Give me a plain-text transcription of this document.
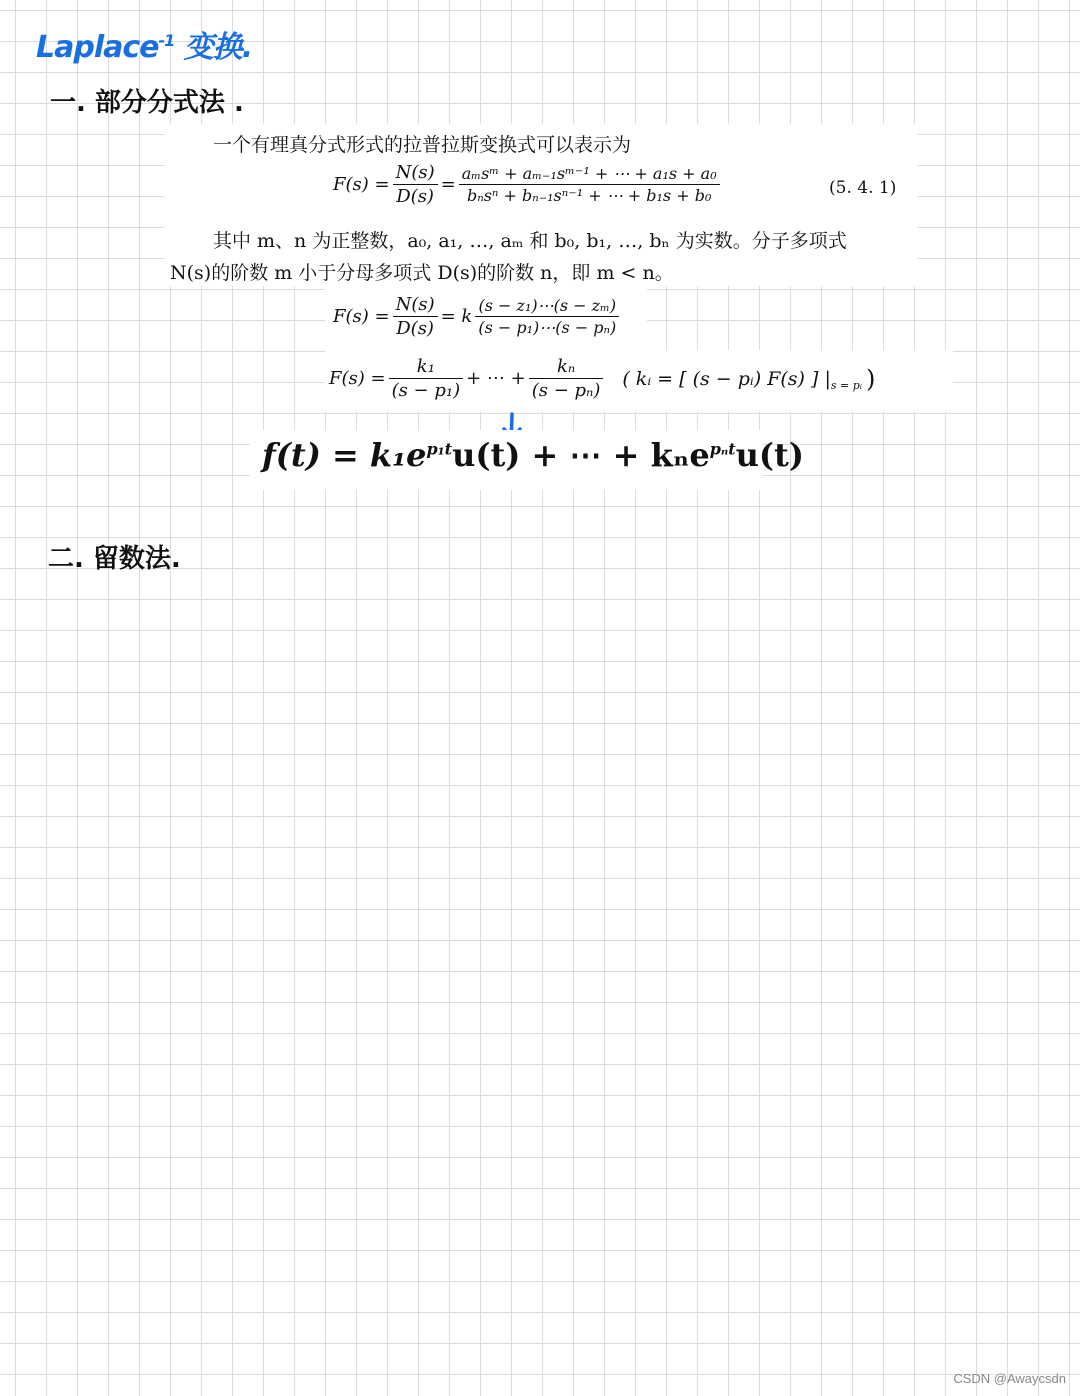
Laplace$^{-1}$ 变换.
一. 部分分式法 .
一个有理真分式形式的拉普拉斯变换式可以表示为
$F(s) = \frac{N(s)}{D(s)} = \frac{\text{aₘsᵐ + aₘ₋₁sᵐ⁻¹ + ⋯ + a₁s + a₀}}{\text{bₙsⁿ + bₙ₋₁sⁿ⁻¹ + ⋯ + b₁s + b₀}}$	(5. 4. 1)
其中 m、n 为正整数，a₀, a₁, …, aₘ 和 b₀, b₁, …, bₙ 为实数。分子多项式
N(s)的阶数 m 小于分母多项式 D(s)的阶数 n，即 m < n。
$F(s) = \frac{N(s)}{D(s)} = k \frac{\text{(s − z₁)⋯(s − zₘ)}}{\text{(s − p₁)⋯(s − pₙ)}}$
$F(s) = \frac{\text{k₁}}{\text{(s − p₁)}}$ + ⋯ + $\frac{\text{kₙ}}{\text{(s − pₙ)}}$ ( kᵢ = [ (s − pᵢ) F(s) ] $|_{s = pᵢ}$ )
$f(t) = k_1e^{p_1t}u(t)$ + ⋯ + kₙe$^{p_nt}$u(t)
二. 留数法.
CSDN @Awaycsdn
